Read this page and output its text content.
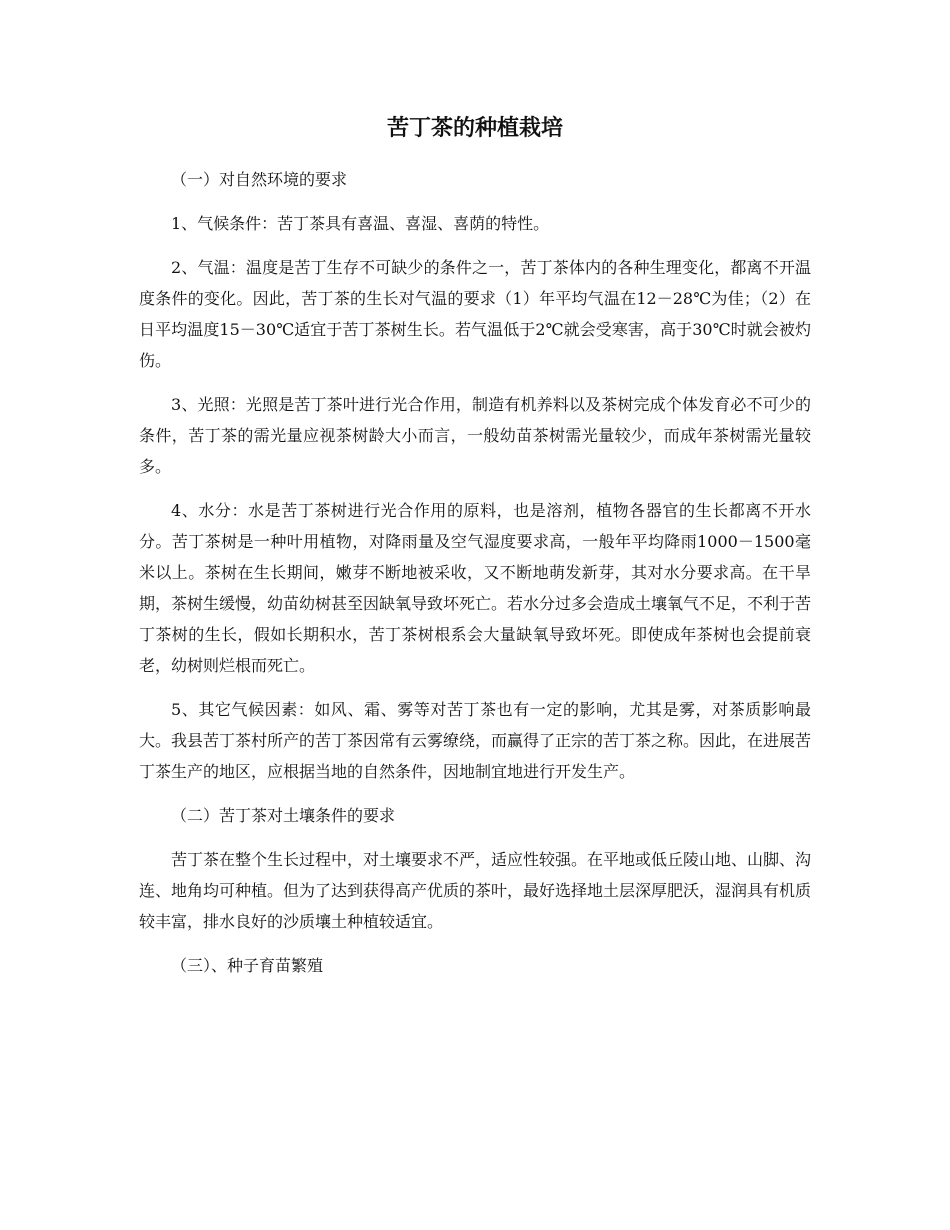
苦丁茶的种植栽培
（一）对自然环境的要求

1、气候条件：苦丁茶具有喜温、喜湿、喜荫的特性。

2、气温：温度是苦丁生存不可缺少的条件之一，苦丁茶体内的各种生理变化，都离不开温度条件的变化。因此，苦丁茶的生长对气温的要求（1）年平均气温在12－28℃为佳；（2）在日平均温度15－30℃适宜于苦丁茶树生长。若气温低于2℃就会受寒害，高于30℃时就会被灼伤。

3、光照：光照是苦丁茶叶进行光合作用，制造有机养料以及茶树完成个体发育必不可少的条件，苦丁茶的需光量应视茶树龄大小而言，一般幼苗茶树需光量较少，而成年茶树需光量较多。

4、水分：水是苦丁茶树进行光合作用的原料，也是溶剂，植物各器官的生长都离不开水分。苦丁茶树是一种叶用植物，对降雨量及空气湿度要求高，一般年平均降雨1000－1500毫米以上。茶树在生长期间，嫩芽不断地被采收，又不断地萌发新芽，其对水分要求高。在干旱期，茶树生缓慢，幼苗幼树甚至因缺氧导致坏死亡。若水分过多会造成土壤氧气不足，不利于苦丁茶树的生长，假如长期积水，苦丁茶树根系会大量缺氧导致坏死。即使成年茶树也会提前衰老，幼树则烂根而死亡。

5、其它气候因素：如风、霜、雾等对苦丁茶也有一定的影响，尤其是雾，对茶质影响最大。我县苦丁茶村所产的苦丁茶因常有云雾缭绕，而赢得了正宗的苦丁茶之称。因此，在进展苦丁茶生产的地区，应根据当地的自然条件，因地制宜地进行开发生产。

（二）苦丁茶对土壤条件的要求

苦丁茶在整个生长过程中，对土壤要求不严，适应性较强。在平地或低丘陵山地、山脚、沟连、地角均可种植。但为了达到获得高产优质的茶叶，最好选择地土层深厚肥沃，湿润具有机质较丰富，排水良好的沙质壤土种植较适宜。

（三）、种子育苗繁殖
